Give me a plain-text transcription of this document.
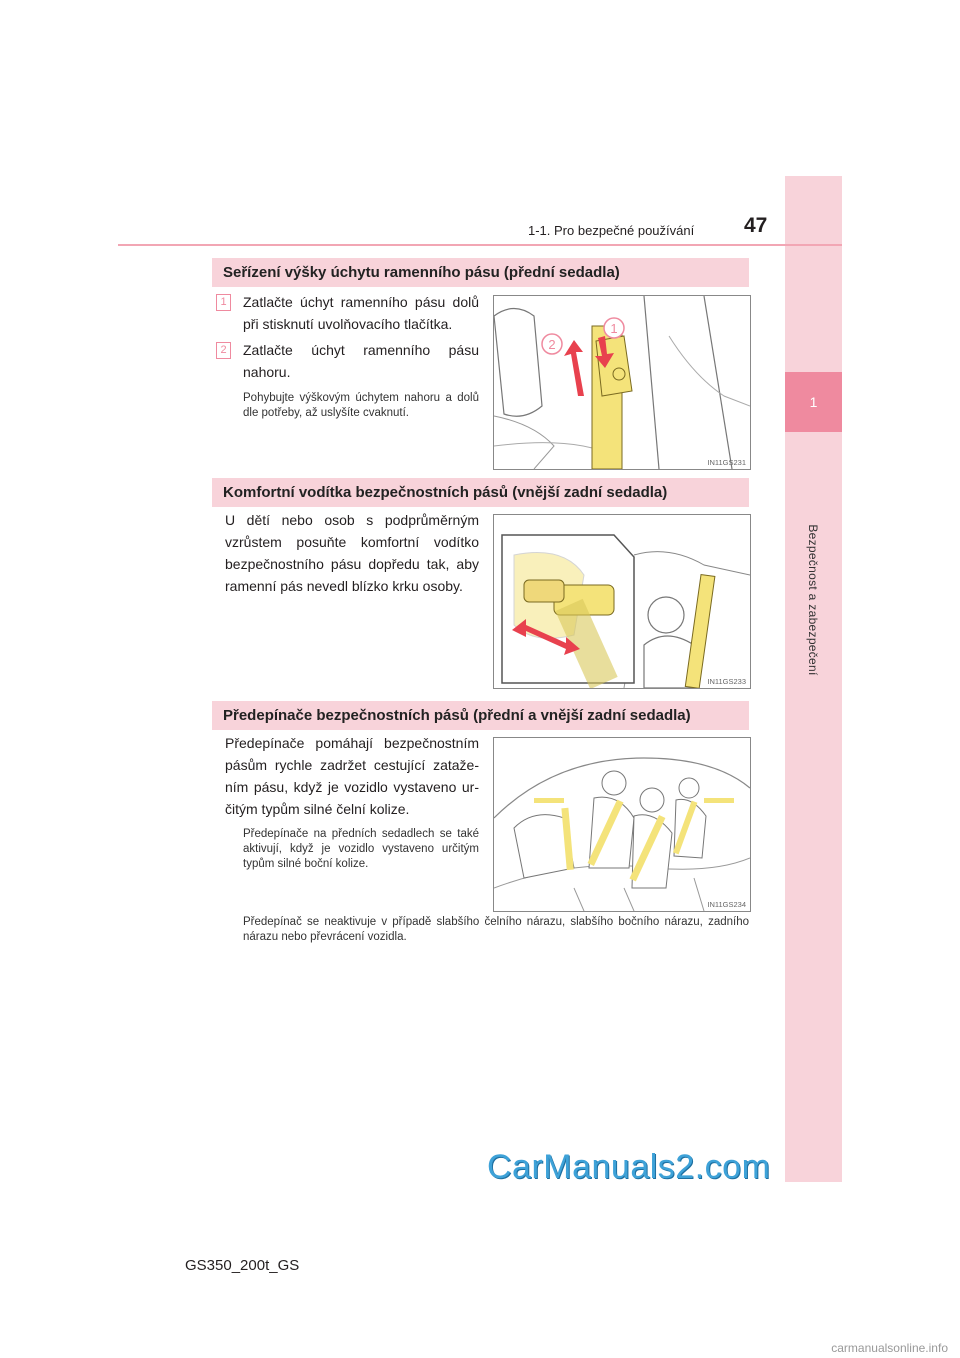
1
Bezpečnost a zabezpečení
1-1. Pro bezpečné používání 47
Seřízení výšky úchytu ramenního pásu (přední sedadla)
1	Zatlačte úchyt ramenního pásu dolů při stisknutí uvolňovacího tlačítka.
2	Zatlačte úchyt ramenního pásu nahoru.
Pohybujte výškovým úchytem nahoru a dolů dle potřeby, až uslyšíte cvaknutí.
1
2
IN11GS231
Komfortní vodítka bezpečnostních pásů (vnější zadní sedadla)
U dětí nebo osob s podprůměrným vzrůstem posuňte komfortní vodítko bezpečnostního pásu dopředu tak, aby ramenní pás nevedl blízko krku osoby.
IN11GS233
Předepínače bezpečnostních pásů (přední a vnější zadní sedadla)
Předepínače pomáhají bezpečnostním pásům rychle zadržet cestující zataže-ním pásu, když je vozidlo vystaveno ur-čitým typům silné čelní kolize.
Předepínače na předních sedadlech se také aktivují, když je vozidlo vystaveno určitým typům silné boční kolize.
IN11GS234
Předepínač se neaktivuje v případě slabšího čelního nárazu, slabšího bočního nárazu, zadního nárazu nebo převrácení vozidla.
CarManuals2.com
carmanualsonline.info
GS350_200t_GS
